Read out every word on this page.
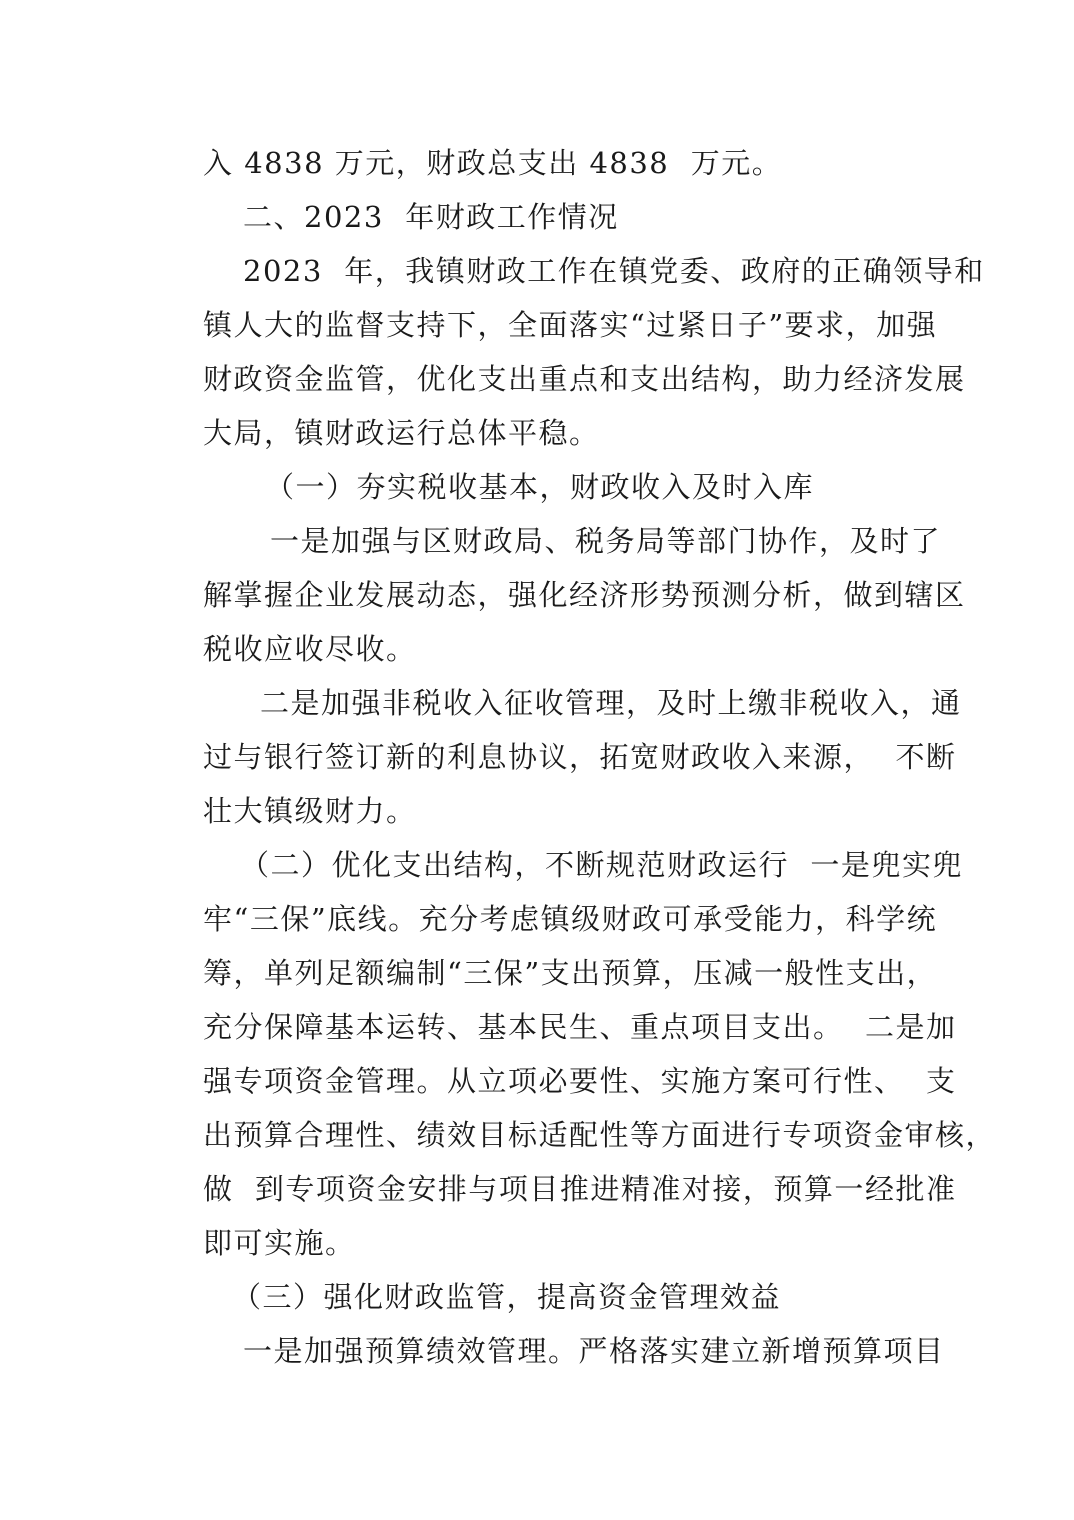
入 4838 万元，财政总支出 4838  万元。
二、2023  年财政工作情况
2023  年，我镇财政工作在镇党委、政府的正确领导和
镇人大的监督支持下，全面落实“过紧日子”要求，加强
财政资金监管，优化支出重点和支出结构，助力经济发展
大局，镇财政运行总体平稳。
（一）夯实税收基本，财政收入及时入库
一是加强与区财政局、税务局等部门协作，及时了
解掌握企业发展动态，强化经济形势预测分析，做到辖区
税收应收尽收。
二是加强非税收入征收管理，及时上缴非税收入，通
过与银行签订新的利息协议，拓宽财政收入来源，  不断
壮大镇级财力。
（二）优化支出结构，不断规范财政运行  一是兜实兜
牢“三保”底线。充分考虑镇级财政可承受能力，科学统
筹，单列足额编制“三保”支出预算，压减一般性支出，
充分保障基本运转、基本民生、重点项目支出。  二是加
强专项资金管理。从立项必要性、实施方案可行性、  支
出预算合理性、绩效目标适配性等方面进行专项资金审核，
做  到专项资金安排与项目推进精准对接，预算一经批准
即可实施。
（三）强化财政监管，提高资金管理效益
一是加强预算绩效管理。严格落实建立新增预算项目
